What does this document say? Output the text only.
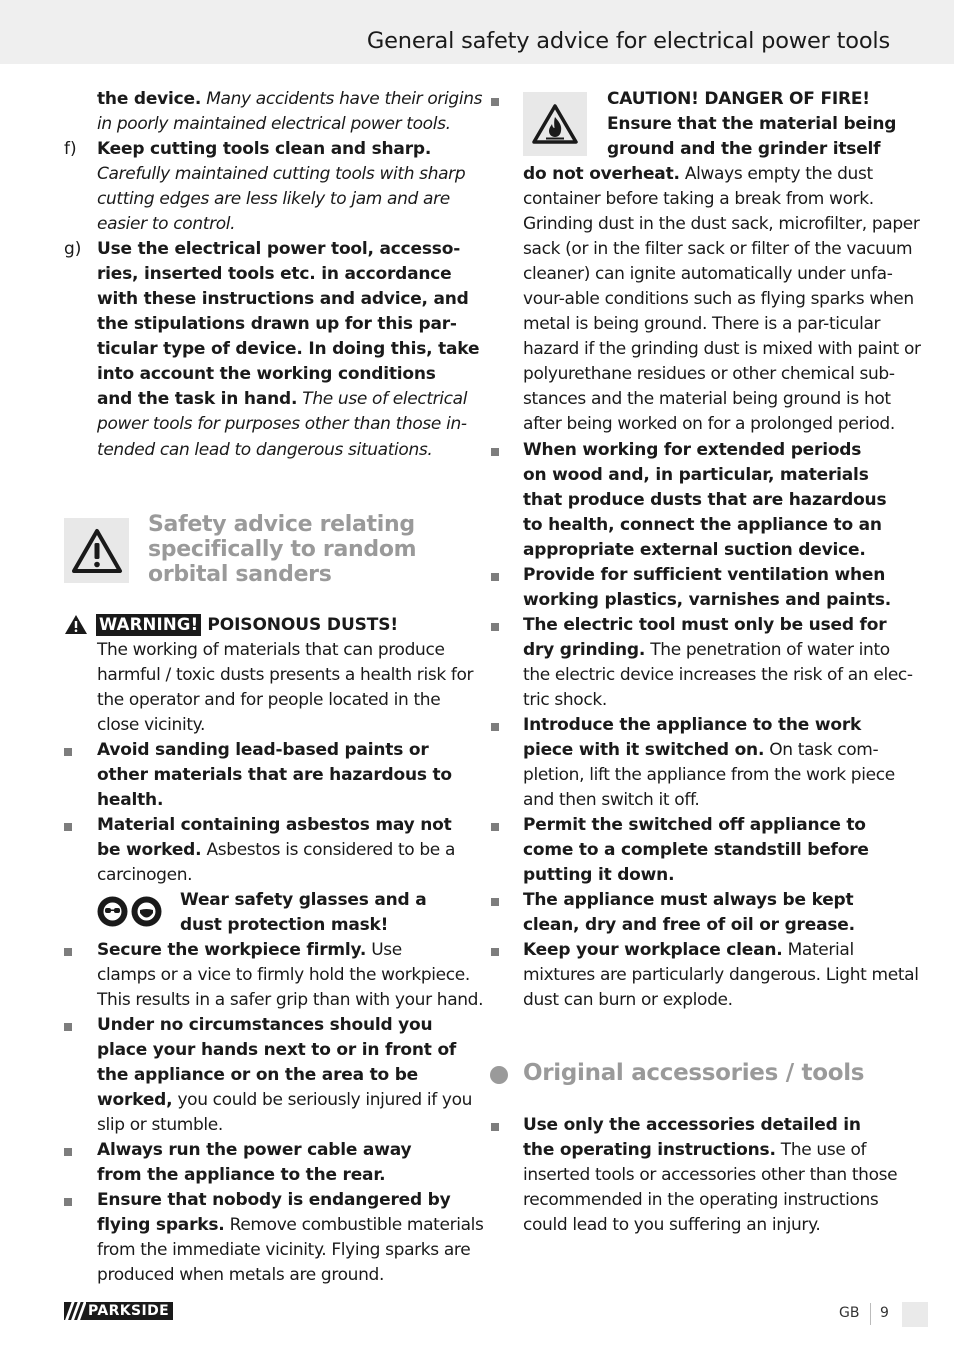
General safety advice for electrical power tools
the device. Many accidents have their origins
in poorly maintained electrical power tools.
f) Keep cutting tools clean and sharp.
Carefully maintained cutting tools with sharp
cutting edges are less likely to jam and are
easier to control.
g) Use the electrical power tool, accesso-
ries, inserted tools etc. in accordance
with these instructions and advice, and
the stipulations drawn up for this par-
ticular type of device. In doing this, take
into account the working conditions
and the task in hand. The use of electrical
power tools for purposes other than those in-
tended can lead to dangerous situations.
Safety advice relating
specifically to random
orbital sanders
WARNING! POISONOUS DUSTS!
The working of materials that can produce
harmful / toxic dusts presents a health risk for
the operator and for people located in the
close vicinity.
Avoid sanding lead-based paints or
other materials that are hazardous to
health.
Material containing asbestos may not
be worked. Asbestos is considered to be a
carcinogen.
Wear safety glasses and a
dust protection mask!
Secure the workpiece firmly. Use
clamps or a vice to firmly hold the workpiece.
This results in a safer grip than with your hand.
Under no circumstances should you
place your hands next to or in front of
the appliance or on the area to be
worked, you could be seriously injured if you
slip or stumble.
Always run the power cable away
from the appliance to the rear.
Ensure that nobody is endangered by
flying sparks. Remove combustible materials
from the immediate vicinity. Flying sparks are
produced when metals are ground.
CAUTION! DANGER OF FIRE!
Ensure that the material being
ground and the grinder itself
do not overheat. Always empty the dust
container before taking a break from work.
Grinding dust in the dust sack, microfilter, paper
sack (or in the filter sack or filter of the vacuum
cleaner) can ignite automatically under unfa-
vour-able conditions such as flying sparks when
metal is being ground. There is a par-ticular
hazard if the grinding dust is mixed with paint or
polyurethane residues or other chemical sub-
stances and the material being ground is hot
after being worked on for a prolonged period.
When working for extended periods
on wood and, in particular, materials
that produce dusts that are hazardous
to health, connect the appliance to an
appropriate external suction device.
Provide for sufficient ventilation when
working plastics, varnishes and paints.
The electric tool must only be used for
dry grinding. The penetration of water into
the electric device increases the risk of an elec-
tric shock.
Introduce the appliance to the work
piece with it switched on. On task com-
pletion, lift the appliance from the work piece
and then switch it off.
Permit the switched off appliance to
come to a complete standstill before
putting it down.
The appliance must always be kept
clean, dry and free of oil or grease.
Keep your workplace clean. Material
mixtures are particularly dangerous. Light metal
dust can burn or explode.
Original accessories / tools
Use only the accessories detailed in
the operating instructions. The use of
inserted tools or accessories other than those
recommended in the operating instructions
could lead to you suffering an injury.
PARKSIDE	GB 9
